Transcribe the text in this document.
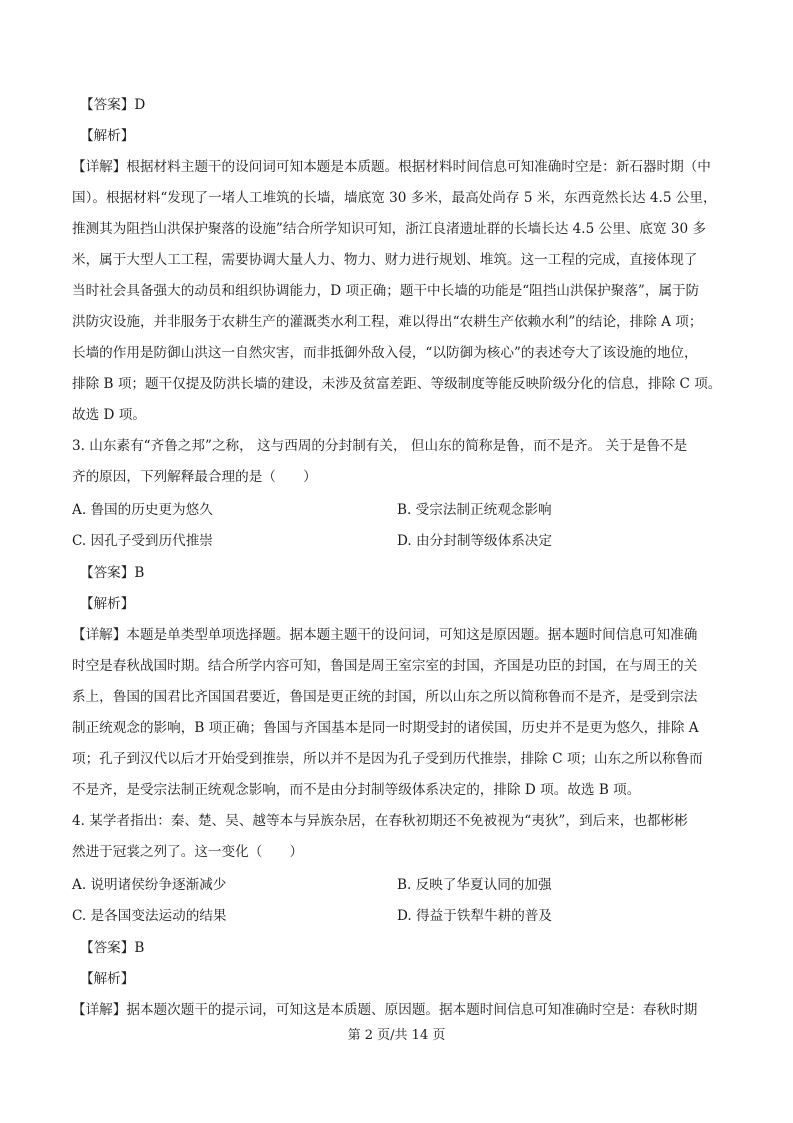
【答案】D
【解析】
【详解】根据材料主题干的设问词可知本题是本质题。根据材料时间信息可知准确时空是：新石器时期（中
国）。根据材料“发现了一堵人工堆筑的长墙，墙底宽 30 多米，最高处尚存 5 米，东西竟然长达 4.5 公里，
推测其为阻挡山洪保护聚落的设施”结合所学知识可知，浙江良渚遗址群的长墙长达 4.5 公里、底宽 30 多
米，属于大型人工工程，需要协调大量人力、物力、财力进行规划、堆筑。这一工程的完成，直接体现了
当时社会具备强大的动员和组织协调能力，D 项正确；题干中长墙的功能是“阻挡山洪保护聚落”，属于防
洪防灾设施，并非服务于农耕生产的灌溉类水利工程，难以得出“农耕生产依赖水利”的结论，排除 A 项；
长墙的作用是防御山洪这一自然灾害，而非抵御外敌入侵，“以防御为核心”的表述夸大了该设施的地位，
排除 B 项；题干仅提及防洪长墙的建设，未涉及贫富差距、等级制度等能反映阶级分化的信息，排除 C 项。
故选 D 项。
3. 山东素有“齐鲁之邦”之称， 这与西周的分封制有关， 但山东的简称是鲁，而不是齐。 关于是鲁不是
齐的原因，下列解释最合理的是（　　）
A. 鲁国的历史更为悠久	B. 受宗法制正统观念影响
C. 因孔子受到历代推崇	D. 由分封制等级体系决定
【答案】B
【解析】
【详解】本题是单类型单项选择题。据本题主题干的设问词，可知这是原因题。据本题时间信息可知准确
时空是春秋战国时期。结合所学内容可知，鲁国是周王室宗室的封国，齐国是功臣的封国，在与周王的关
系上，鲁国的国君比齐国国君要近，鲁国是更正统的封国，所以山东之所以简称鲁而不是齐，是受到宗法
制正统观念的影响，B 项正确；鲁国与齐国基本是同一时期受封的诸侯国，历史并不是更为悠久，排除 A
项；孔子到汉代以后才开始受到推崇，所以并不是因为孔子受到历代推崇，排除 C 项；山东之所以称鲁而
不是齐，是受宗法制正统观念影响，而不是由分封制等级体系决定的，排除 D 项。故选 B 项。
4. 某学者指出：秦、楚、吴、越等本与异族杂居，在春秋初期还不免被视为“夷狄”，到后来，也都彬彬
然进于冠裳之列了。这一变化（　　）
A. 说明诸侯纷争逐渐减少	B. 反映了华夏认同的加强
C. 是各国变法运动的结果	D. 得益于铁犁牛耕的普及
【答案】B
【解析】
【详解】据本题次题干的提示词，可知这是本质题、原因题。据本题时间信息可知准确时空是：春秋时期
第 2 页/共 14 页
